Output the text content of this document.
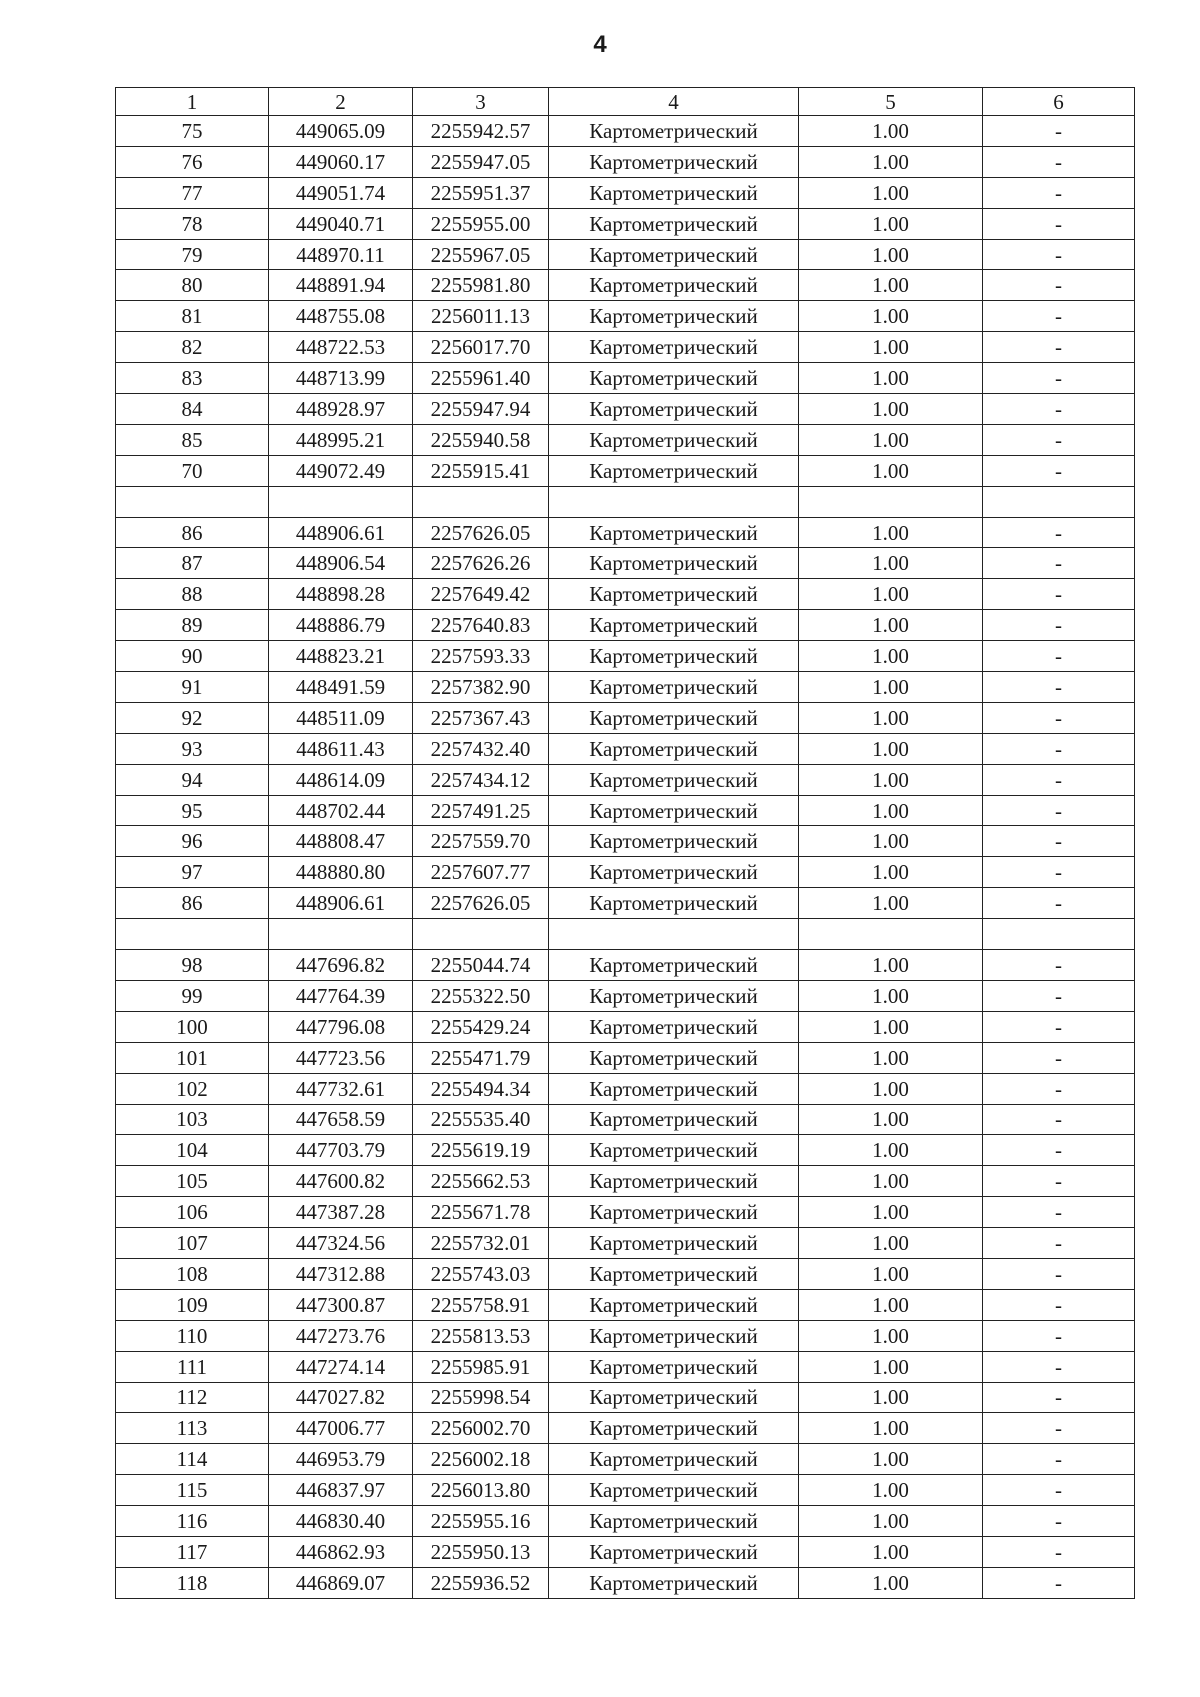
4
1	2	3	4	5	6
75	449065.09	2255942.57	Картометрический	1.00	-
76	449060.17	2255947.05	Картометрический	1.00	-
77	449051.74	2255951.37	Картометрический	1.00	-
78	449040.71	2255955.00	Картометрический	1.00	-
79	448970.11	2255967.05	Картометрический	1.00	-
80	448891.94	2255981.80	Картометрический	1.00	-
81	448755.08	2256011.13	Картометрический	1.00	-
82	448722.53	2256017.70	Картометрический	1.00	-
83	448713.99	2255961.40	Картометрический	1.00	-
84	448928.97	2255947.94	Картометрический	1.00	-
85	448995.21	2255940.58	Картометрический	1.00	-
70	449072.49	2255915.41	Картометрический	1.00	-

86	448906.61	2257626.05	Картометрический	1.00	-
87	448906.54	2257626.26	Картометрический	1.00	-
88	448898.28	2257649.42	Картометрический	1.00	-
89	448886.79	2257640.83	Картометрический	1.00	-
90	448823.21	2257593.33	Картометрический	1.00	-
91	448491.59	2257382.90	Картометрический	1.00	-
92	448511.09	2257367.43	Картометрический	1.00	-
93	448611.43	2257432.40	Картометрический	1.00	-
94	448614.09	2257434.12	Картометрический	1.00	-
95	448702.44	2257491.25	Картометрический	1.00	-
96	448808.47	2257559.70	Картометрический	1.00	-
97	448880.80	2257607.77	Картометрический	1.00	-
86	448906.61	2257626.05	Картометрический	1.00	-

98	447696.82	2255044.74	Картометрический	1.00	-
99	447764.39	2255322.50	Картометрический	1.00	-
100	447796.08	2255429.24	Картометрический	1.00	-
101	447723.56	2255471.79	Картометрический	1.00	-
102	447732.61	2255494.34	Картометрический	1.00	-
103	447658.59	2255535.40	Картометрический	1.00	-
104	447703.79	2255619.19	Картометрический	1.00	-
105	447600.82	2255662.53	Картометрический	1.00	-
106	447387.28	2255671.78	Картометрический	1.00	-
107	447324.56	2255732.01	Картометрический	1.00	-
108	447312.88	2255743.03	Картометрический	1.00	-
109	447300.87	2255758.91	Картометрический	1.00	-
110	447273.76	2255813.53	Картометрический	1.00	-
111	447274.14	2255985.91	Картометрический	1.00	-
112	447027.82	2255998.54	Картометрический	1.00	-
113	447006.77	2256002.70	Картометрический	1.00	-
114	446953.79	2256002.18	Картометрический	1.00	-
115	446837.97	2256013.80	Картометрический	1.00	-
116	446830.40	2255955.16	Картометрический	1.00	-
117	446862.93	2255950.13	Картометрический	1.00	-
118	446869.07	2255936.52	Картометрический	1.00	-
